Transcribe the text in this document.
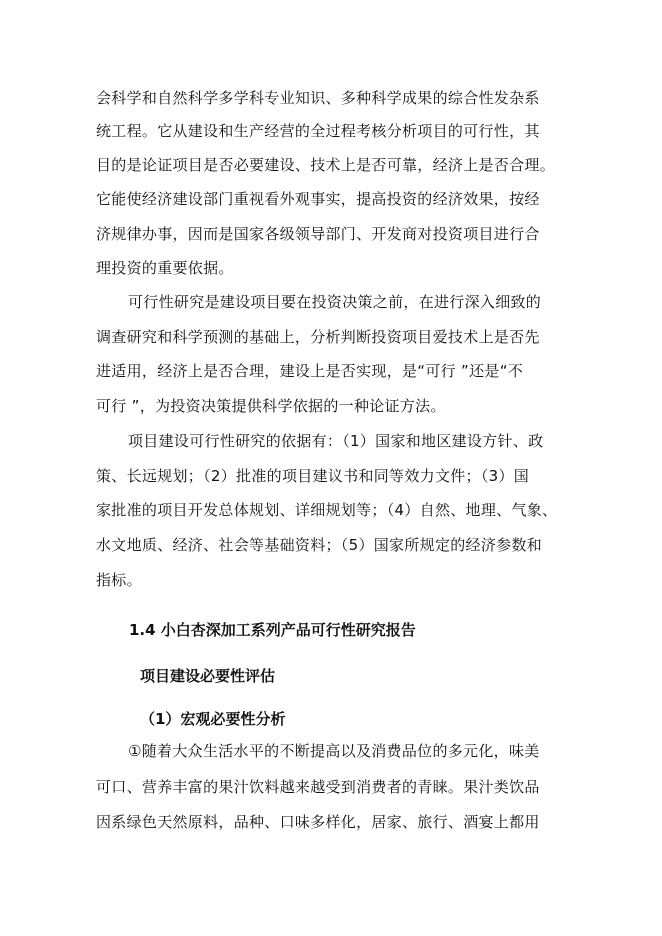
会科学和自然科学多学科专业知识、多种科学成果的综合性发杂系
统工程。它从建设和生产经营的全过程考核分析项目的可行性，其
目的是论证项目是否必要建设、技术上是否可靠，经济上是否合理。
它能使经济建设部门重视看外观事实，提高投资的经济效果，按经
济规律办事，因而是国家各级领导部门、开发商对投资项目进行合
理投资的重要依据。
可行性研究是建设项目要在投资决策之前，在进行深入细致的
调查研究和科学预测的基础上，分析判断投资项目爱技术上是否先
进适用，经济上是否合理，建设上是否实现，是“可行 ”还是“不
可行 ”，为投资决策提供科学依据的一种论证方法。
项目建设可行性研究的依据有：（1）国家和地区建设方针、政
策、长远规划；（2）批准的项目建议书和同等效力文件；（3）国
家批准的项目开发总体规划、详细规划等；（4）自然、地理、气象、
水文地质、经济、社会等基础资料；（5）国家所规定的经济参数和
指标。
1.4 小白杏深加工系列产品可行性研究报告
项目建设必要性评估
（1）宏观必要性分析
①随着大众生活水平的不断提高以及消费品位的多元化，味美
可口、营养丰富的果汁饮料越来越受到消费者的青睐。果汁类饮品
因系绿色天然原料，品种、口味多样化，居家、旅行、酒宴上都用
